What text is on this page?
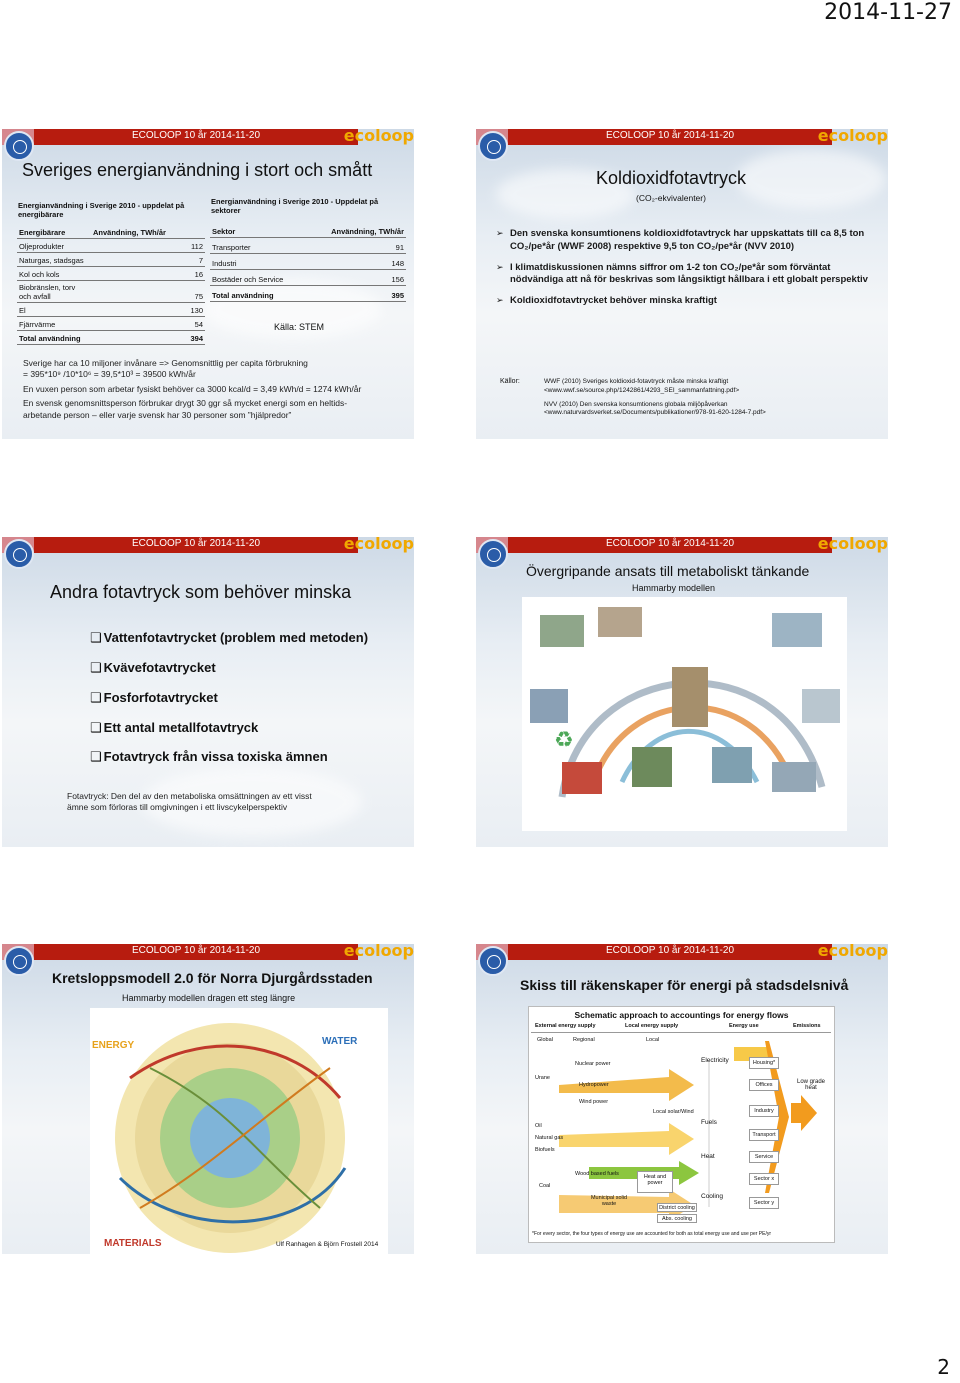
2014-11-27
ECOLOOP 10 år 2014-11-20	ecoloop
Sveriges energianvändning i stort och smått
Energianvändning i Sverige 2010 - uppdelat på energibärare
Energibärare	Användning, TWh/år
Oljeprodukter	112
Naturgas, stadsgas	7
Kol och kols	16
Biobränslen, torv och avfall	75
El	130
Fjärrvärme	54
Total användning	394
Energianvändning i Sverige 2010 - Uppdelat på sektorer
Sektor	Användning, TWh/år
Transporter	91
Industri	148
Bostäder och Service	156
Total användning	395
Källa: STEM
Sverige har ca 10 miljoner invånare => Genomsnittlig per capita förbrukning
= 395*10⁹ /10*10⁶ = 39,5*10³ = 39500 kWh/år
En vuxen person som arbetar fysiskt behöver ca 3000 kcal/d = 3,49 kWh/d = 1274 kWh/år
En svensk genomsnittsperson förbrukar drygt 30 ggr så mycket energi som en heltids-
arbetande person – eller varje svensk har 30 personer som ”hjälpredor”
ECOLOOP 10 år 2014-11-20	ecoloop
Koldioxidfotavtryck
(CO₂-ekvivalenter)
➢ Den svenska konsumtionens koldioxidfotavtryck har uppskattats till ca 8,5 ton CO₂/pe*år (WWF 2008) respektive 9,5 ton CO₂/pe*år (NVV 2010)
➢ I klimatdiskussionen nämns siffror om 1-2 ton CO₂/pe*år som förväntat nödvändiga att nå för beskrivas som långsiktigt hållbara i ett globalt perspektiv
➢ Koldioxidfotavtrycket behöver minska kraftigt
Källor:	WWF (2010) Sveriges koldioxid-fotavtryck måste minska kraftigt
<www.wwf.se/source.php/1242861/4293_SEI_sammanfattning.pdf>
NVV (2010) Den svenska konsumtionens globala miljöpåverkan
<www.naturvardsverket.se/Documents/publikationer/978-91-620-1284-7.pdf>
ECOLOOP 10 år 2014-11-20	ecoloop
Andra fotavtryck som behöver minska
❑ Vattenfotavtrycket (problem med metoden)
❑ Kvävefotavtrycket
❑ Fosforfotavtrycket
❑ Ett antal metallfotavtryck
❑ Fotavtryck från vissa toxiska ämnen
Fotavtryck: Den del av den metaboliska omsättningen av ett visst
ämne som förloras till omgivningen i ett livscykelperspektiv
ECOLOOP 10 år 2014-11-20	ecoloop
Övergripande ansats till metaboliskt tänkande
Hammarby modellen
♻
ECOLOOP 10 år 2014-11-20	ecoloop
Kretsloppsmodell 2.0 för Norra Djurgårdsstaden
Hammarby modellen dragen ett steg längre
ENERGY	WATER
MATERIALS	Ulf Ranhagen & Björn Frostell 2014
ECOLOOP 10 år 2014-11-20	ecoloop
Skiss till räkenskaper för energi på stadsdelsnivå
Schematic approach to accountings for energy flows
External energy supply	Local energy supply	Energy use	Emissions
Global	Regional	Local
Urane
Oil
Natural gas
Biofuels
Coal
Nuclear power
Hydropower
Wind power
Local solar/Wind
Wood based fuels
Municipal solid waste
Heat and power
District cooling
Abs. cooling
Electricity
Fuels
Heat
Cooling
Housing*
Offices
Industry
Transport
Service
Sector x
Sector y
Low grade heat
*For every sector, the four types of energy use are accounted for both as total energy use and use per PE/yr
2
